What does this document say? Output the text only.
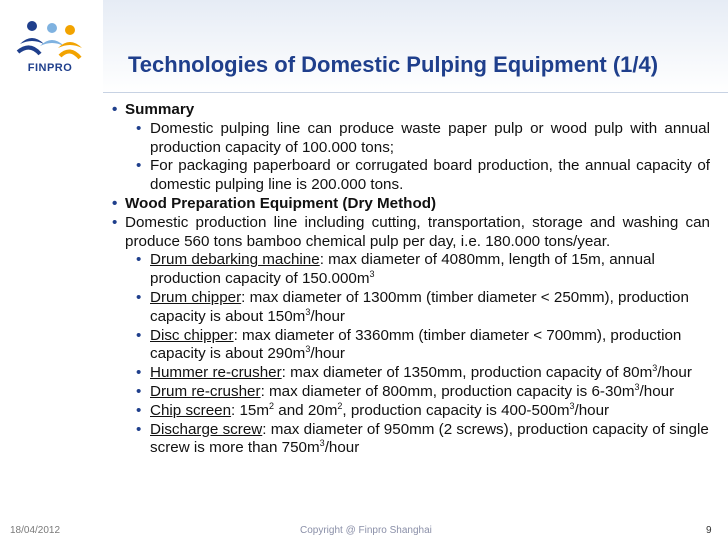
FINPRO	Technologies of Domestic Pulping Equipment (1/4)

• Summary

• Domestic pulping line can produce waste paper pulp or wood pulp with annual production capacity of 100.000 tons;

• For packaging paperboard or corrugated board production, the annual capacity of domestic pulping line is 200.000 tons.

• Wood Preparation Equipment (Dry Method)

• Domestic production line including cutting, transportation, storage and washing can produce 560 tons bamboo chemical pulp per day, i.e. 180.000 tons/year.

• Drum debarking machine: max diameter of 4080mm, length of 15m, annual production capacity of $150.000m^3$

• Drum chipper: max diameter of 1300mm (timber diameter < 250mm), production capacity is about $150m^3$/hour

• Disc chipper: max diameter of 3360mm (timber diameter < 700mm), production capacity is about $290m^3$/hour

• Hummer re-crusher: max diameter of 1350mm, production capacity of $80m^3$/hour

• Drum re-crusher: max diameter of 800mm, production capacity is $6-30m^3$/hour

• Chip screen: $15m^2$ and $20m^2$, production capacity is $400-500m^3$/hour

• Discharge screw: max diameter of 950mm (2 screws), production capacity of single screw is more than $750m^3$/hour

18/04/2012	Copyright @ Finpro Shanghai	9
